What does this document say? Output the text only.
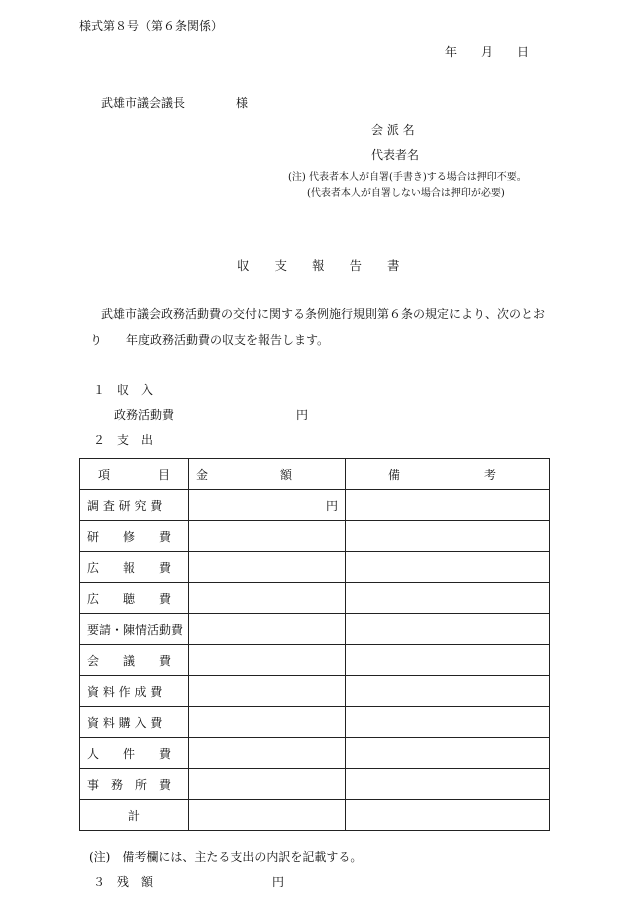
様式第８号（第６条関係）
年 月 日
武雄市議会議長	様
会 派 名
代表者名
(注) 代表者本人が自署(手書き)する場合は押印不要。
(代表者本人が自署しない場合は押印が必要)
収　　支　　報　　告　　書
武雄市議会政務活動費の交付に関する条例施行規則第６条の規定により、次のとお
り 年度政務活動費の収支を報告します。
１　収　入
政務活動費	円
２　支　出
項　　　　目	金　　　　　　額	備　　　　　　　考
調 査 研 究 費	円	
研　　修　　費		
広　　報　　費		
広　　聴　　費		
要請・陳情活動費		
会　　議　　費		
資 料 作 成 費		
資 料 購 入 費		
人　　件　　費		
事　務　所　費		
計		
(注)　備考欄には、主たる支出の内訳を記載する。
３　残　額	円
